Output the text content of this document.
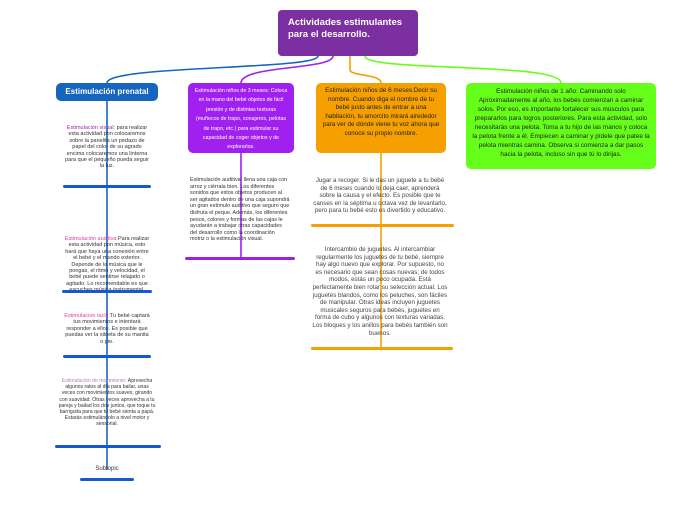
Actividades estimulantes para el desarrollo.
Estimulación prenatal	Estimulación niños de 3 meses: Coloca en la mano del bebé objetos de fácil presión y de distintas texturas (muñecos de trapo, sonajeros, pelotas de trapo, etc.) para estimular su capacidad de coger objetos y de explorarlos.
Estimulación niños de 6 meses:Decir su nombre. Cuando diga el nombre de tu bebé justo antes de entrar a una habitación, tu amorcito mirará alrededor para ver de dónde viene tu voz ahora que conoce su propio nombre.
Estimulación niños de 1 año: Caminando solo Aproximadamente al año, los bebés comienzan a caminar solos. Por eso, es importante fortalecer sus músculos para prepararlos para logros posteriores. Para esta actividad, solo necesitarás una pelota. Toma a tu hijo de las manos y coloca la pelota frente a él. Empiecen a caminar y pídele que patee la pelota mientras camina. Observa si comienza a dar pasos hacia la pelota, incluso sin que tú lo dirijas.
Estimulación visual: para realizar esta actividad pon colocaremos sobre la panelita un pedazo de papel del color de su agrado encima colocaremos una linterna para que el pequeño pueda seguir la luz.
Estimulación auditiva:Para realizar esta actividad pon música, esto hará que haya una conexión entre el bebé y el mundo exterior. Depende de la música que le pongas, el ritmo y velocidad, el bebé puede sentirse relajado o agitado. Lo recomendable es que
Estimulacion tactil:Tu bebé captará tus movimientos e intentará responder a ellos. Es posible que puedas ver la silueta de su manita o pie.
Estimulación de movimiento: Aprovecha algunos ratos al día para bailar, unas veces con movimientos suaves, girando con suavidad. Otras veces aprovecha a tu pareja y bailad los dos juntos, que toque tu barriguita para que tu bebé sienta a papá. Estarás estimulándolo a nivel motor y sensorial.
Subtopic
Estimulación auditiva: llena una caja con arroz y ciérrala bien. Los diferentes sonidos que estos objetos producen al ser agitados dentro de una caja supondrá un gran estímulo auditivo que seguro que disfruta el peque. Además, los diferentes pesos, colores y formas de las cajas le ayudarán a trabajar otras capacidades del desarrollo como la coordinación motriz o la estimulación visual.
Jugar a recoger. Si le das un juguete a tu bebé de 6 meses cuando lo deja caer, aprenderá sobre la causa y el efecto. Es posible que te canses en la séptima u octava vez de levantarlo, pero para tu bebé esto es divertido y educativo.
Intercambio de juguetes. Al intercambiar regularmente los juguetes de tu bebé, siempre hay algo nuevo que explorar. Por supuesto, no es necesario que sean cosas nuevas; de todos modos, estás un poco ocupada. Está perfectamente bien rotar su selección actual. Los juguetes blandos, como los peluches, son fáciles de manipular. Otras ideas incluyen juguetes musicales seguros para bebés, juguetes en forma de cubo y algunos con texturas variadas. Los bloques y los anillos para bebés también son buenos.
